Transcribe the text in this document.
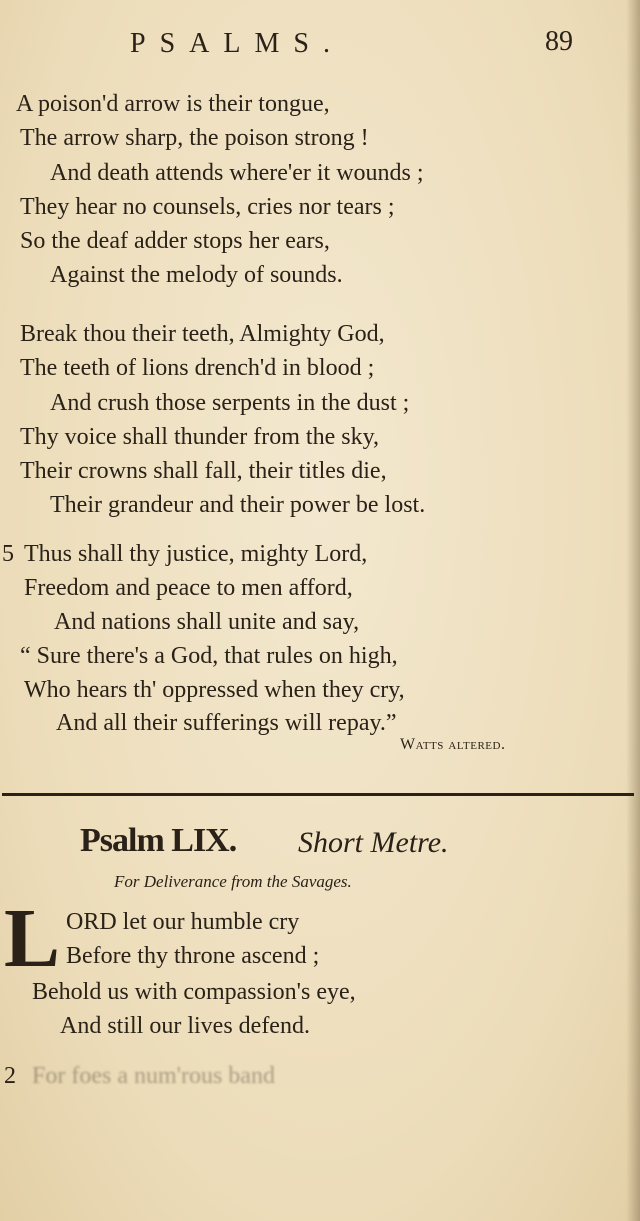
PSALMS.	89
A poison'd arrow is their tongue,
The arrow sharp, the poison strong !
And death attends where'er it wounds ;
They hear no counsels, cries nor tears ;
So the deaf adder stops her ears,
Against the melody of sounds.
Break thou their teeth, Almighty God,
The teeth of lions drench'd in blood ;
And crush those serpents in the dust ;
Thy voice shall thunder from the sky,
Their crowns shall fall, their titles die,
Their grandeur and their power be lost.
5 Thus shall thy justice, mighty Lord,
Freedom and peace to men afford,
And nations shall unite and say,
“ Sure there's a God, that rules on high,
Who hears th' oppressed when they cry,
And all their sufferings will repay.”
Watts altered.
Psalm LIX. Short Metre.
For Deliverance from the Savages.
L ORD let our humble cry
Before thy throne ascend ;
Behold us with compassion's eye,
And still our lives defend.
2 For foes a num'rous band
